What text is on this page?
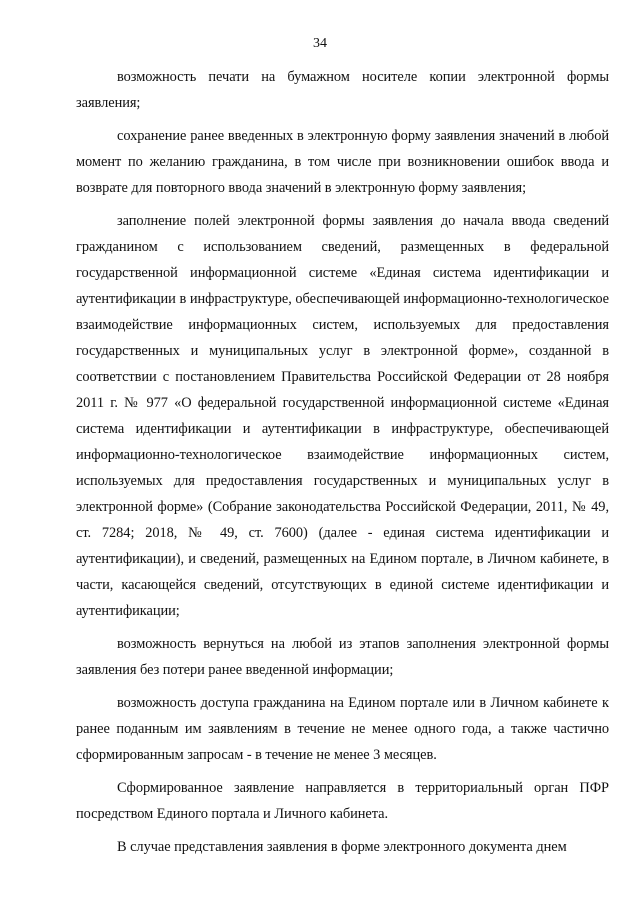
34

возможность печати на бумажном носителе копии электронной формы заявления;

сохранение ранее введенных в электронную форму заявления значений в любой момент по желанию гражданина, в том числе при возникновении ошибок ввода и возврате для повторного ввода значений в электронную форму заявления;

заполнение полей электронной формы заявления до начала ввода сведений гражданином с использованием сведений, размещенных в федеральной государственной информационной системе «Единая система идентификации и аутентификации в инфраструктуре, обеспечивающей информационно-технологическое взаимодействие информационных систем, используемых для предоставления государственных и муниципальных услуг в электронной форме», созданной в соответствии с постановлением Правительства Российской Федерации от 28 ноября 2011 г. № 977 «О федеральной государственной информационной системе «Единая система идентификации и аутентификации в инфраструктуре, обеспечивающей информационно-технологическое взаимодействие информационных систем, используемых для предоставления государственных и муниципальных услуг в электронной форме» (Собрание законодательства Российской Федерации, 2011, № 49, ст. 7284; 2018, № 49, ст. 7600) (далее - единая система идентификации и аутентификации), и сведений, размещенных на Едином портале, в Личном кабинете, в части, касающейся сведений, отсутствующих в единой системе идентификации и аутентификации;

возможность вернуться на любой из этапов заполнения электронной формы заявления без потери ранее введенной информации;

возможность доступа гражданина на Едином портале или в Личном кабинете к ранее поданным им заявлениям в течение не менее одного года, а также частично сформированным запросам - в течение не менее 3 месяцев.

Сформированное заявление направляется в территориальный орган ПФР посредством Единого портала и Личного кабинета.

В случае представления заявления в форме электронного документа днем
